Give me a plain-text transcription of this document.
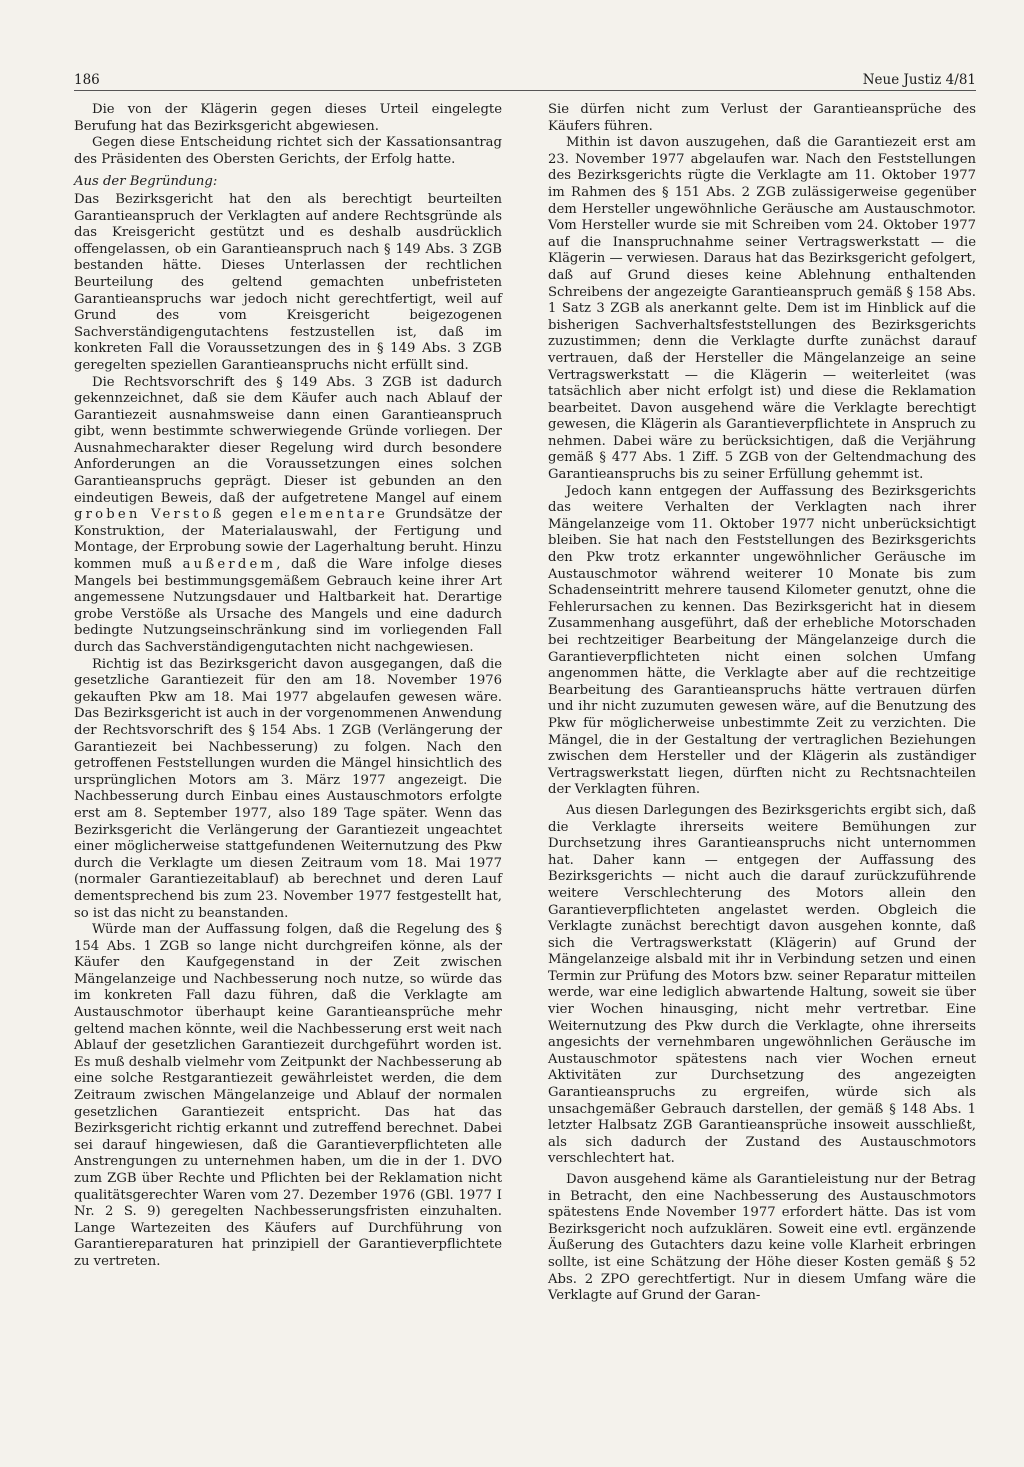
186	Neue Justiz 4/81

Die von der Klägerin gegen dieses Urteil eingelegte Berufung hat das Bezirksgericht abgewiesen.

Gegen diese Entscheidung richtet sich der Kassationsantrag des Präsidenten des Obersten Gerichts, der Erfolg hatte.

Aus der Begründung:

Das Bezirksgericht hat den als berechtigt beurteilten Garantieanspruch der Verklagten auf andere Rechtsgründe als das Kreisgericht gestützt und es deshalb ausdrücklich offengelassen, ob ein Garantieanspruch nach § 149 Abs. 3 ZGB bestanden hätte. Dieses Unterlassen der rechtlichen Beurteilung des geltend gemachten unbefristeten Garantieanspruchs war jedoch nicht gerechtfertigt, weil auf Grund des vom Kreisgericht beigezogenen Sachverständigengutachtens festzustellen ist, daß im konkreten Fall die Voraussetzungen des in § 149 Abs. 3 ZGB geregelten speziellen Garantieanspruchs nicht erfüllt sind.

Die Rechtsvorschrift des § 149 Abs. 3 ZGB ist dadurch gekennzeichnet, daß sie dem Käufer auch nach Ablauf der Garantiezeit ausnahmsweise dann einen Garantieanspruch gibt, wenn bestimmte schwerwiegende Gründe vorliegen. Der Ausnahmecharakter dieser Regelung wird durch besondere Anforderungen an die Voraussetzungen eines solchen Garantieanspruchs geprägt. Dieser ist gebunden an den eindeutigen Beweis, daß der aufgetretene Mangel auf einem groben Verstoß gegen elementare Grundsätze der Konstruktion, der Materialauswahl, der Fertigung und Montage, der Erprobung sowie der Lagerhaltung beruht. Hinzu kommen muß außerdem, daß die Ware infolge dieses Mangels bei bestimmungsgemäßem Gebrauch keine ihrer Art angemessene Nutzungsdauer und Haltbarkeit hat. Derartige grobe Verstöße als Ursache des Mangels und eine dadurch bedingte Nutzungseinschränkung sind im vorliegenden Fall durch das Sachverständigengutachten nicht nachgewiesen.

Richtig ist das Bezirksgericht davon ausgegangen, daß die gesetzliche Garantiezeit für den am 18. November 1976 gekauften Pkw am 18. Mai 1977 abgelaufen gewesen wäre. Das Bezirksgericht ist auch in der vorgenommenen Anwendung der Rechtsvorschrift des § 154 Abs. 1 ZGB (Verlängerung der Garantiezeit bei Nachbesserung) zu folgen. Nach den getroffenen Feststellungen wurden die Mängel hinsichtlich des ursprünglichen Motors am 3. März 1977 angezeigt. Die Nachbesserung durch Einbau eines Austauschmotors erfolgte erst am 8. September 1977, also 189 Tage später. Wenn das Bezirksgericht die Verlängerung der Garantiezeit ungeachtet einer möglicherweise stattgefundenen Weiternutzung des Pkw durch die Verklagte um diesen Zeitraum vom 18. Mai 1977 (normaler Garantiezeitablauf) ab berechnet und deren Lauf dementsprechend bis zum 23. November 1977 festgestellt hat, so ist das nicht zu beanstanden.

Würde man der Auffassung folgen, daß die Regelung des § 154 Abs. 1 ZGB so lange nicht durchgreifen könne, als der Käufer den Kaufgegenstand in der Zeit zwischen Mängelanzeige und Nachbesserung noch nutze, so würde das im konkreten Fall dazu führen, daß die Verklagte am Austauschmotor überhaupt keine Garantieansprüche mehr geltend machen könnte, weil die Nachbesserung erst weit nach Ablauf der gesetzlichen Garantiezeit durchgeführt worden ist. Es muß deshalb vielmehr vom Zeitpunkt der Nachbesserung ab eine solche Restgarantiezeit gewährleistet werden, die dem Zeitraum zwischen Mängelanzeige und Ablauf der normalen gesetzlichen Garantiezeit entspricht. Das hat das Bezirksgericht richtig erkannt und zutreffend berechnet. Dabei sei darauf hingewiesen, daß die Garantieverpflichteten alle Anstrengungen zu unternehmen haben, um die in der 1. DVO zum ZGB über Rechte und Pflichten bei der Reklamation nicht qualitätsgerechter Waren vom 27. Dezember 1976 (GBl. 1977 I Nr. 2 S. 9) geregelten Nachbesserungsfristen einzuhalten. Lange Wartezeiten des Käufers auf Durchführung von Garantiereparaturen hat prinzipiell der Garantieverpflichtete zu vertreten.

Sie dürfen nicht zum Verlust der Garantieansprüche des Käufers führen.

Mithin ist davon auszugehen, daß die Garantiezeit erst am 23. November 1977 abgelaufen war. Nach den Feststellungen des Bezirksgerichts rügte die Verklagte am 11. Oktober 1977 im Rahmen des § 151 Abs. 2 ZGB zulässigerweise gegenüber dem Hersteller ungewöhnliche Geräusche am Austauschmotor. Vom Hersteller wurde sie mit Schreiben vom 24. Oktober 1977 auf die Inanspruchnahme seiner Vertragswerkstatt — die Klägerin — verwiesen. Daraus hat das Bezirksgericht gefolgert, daß auf Grund dieses keine Ablehnung enthaltenden Schreibens der angezeigte Garantieanspruch gemäß § 158 Abs. 1 Satz 3 ZGB als anerkannt gelte. Dem ist im Hinblick auf die bisherigen Sachverhaltsfeststellungen des Bezirksgerichts zuzustimmen; denn die Verklagte durfte zunächst darauf vertrauen, daß der Hersteller die Mängelanzeige an seine Vertragswerkstatt — die Klägerin — weiterleitet (was tatsächlich aber nicht erfolgt ist) und diese die Reklamation bearbeitet. Davon ausgehend wäre die Verklagte berechtigt gewesen, die Klägerin als Garantieverpflichtete in Anspruch zu nehmen. Dabei wäre zu berücksichtigen, daß die Verjährung gemäß § 477 Abs. 1 Ziff. 5 ZGB von der Geltendmachung des Garantieanspruchs bis zu seiner Erfüllung gehemmt ist.

Jedoch kann entgegen der Auffassung des Bezirksgerichts das weitere Verhalten der Verklagten nach ihrer Mängelanzeige vom 11. Oktober 1977 nicht unberücksichtigt bleiben. Sie hat nach den Feststellungen des Bezirksgerichts den Pkw trotz erkannter ungewöhnlicher Geräusche im Austauschmotor während weiterer 10 Monate bis zum Schadenseintritt mehrere tausend Kilometer genutzt, ohne die Fehlerursachen zu kennen. Das Bezirksgericht hat in diesem Zusammenhang ausgeführt, daß der erhebliche Motorschaden bei rechtzeitiger Bearbeitung der Mängelanzeige durch die Garantieverpflichteten nicht einen solchen Umfang angenommen hätte, die Verklagte aber auf die rechtzeitige Bearbeitung des Garantieanspruchs hätte vertrauen dürfen und ihr nicht zuzumuten gewesen wäre, auf die Benutzung des Pkw für möglicherweise unbestimmte Zeit zu verzichten. Die Mängel, die in der Gestaltung der vertraglichen Beziehungen zwischen dem Hersteller und der Klägerin als zuständiger Vertragswerkstatt liegen, dürften nicht zu Rechtsnachteilen der Verklagten führen.

Aus diesen Darlegungen des Bezirksgerichts ergibt sich, daß die Verklagte ihrerseits weitere Bemühungen zur Durchsetzung ihres Garantieanspruchs nicht unternommen hat. Daher kann — entgegen der Auffassung des Bezirksgerichts — nicht auch die darauf zurückzuführende weitere Verschlechterung des Motors allein den Garantieverpflichteten angelastet werden. Obgleich die Verklagte zunächst berechtigt davon ausgehen konnte, daß sich die Vertragswerkstatt (Klägerin) auf Grund der Mängelanzeige alsbald mit ihr in Verbindung setzen und einen Termin zur Prüfung des Motors bzw. seiner Reparatur mitteilen werde, war eine lediglich abwartende Haltung, soweit sie über vier Wochen hinausging, nicht mehr vertretbar. Eine Weiternutzung des Pkw durch die Verklagte, ohne ihrerseits angesichts der vernehmbaren ungewöhnlichen Geräusche im Austauschmotor spätestens nach vier Wochen erneut Aktivitäten zur Durchsetzung des angezeigten Garantieanspruchs zu ergreifen, würde sich als unsachgemäßer Gebrauch darstellen, der gemäß § 148 Abs. 1 letzter Halbsatz ZGB Garantieansprüche insoweit ausschließt, als sich dadurch der Zustand des Austauschmotors verschlechtert hat.

Davon ausgehend käme als Garantieleistung nur der Betrag in Betracht, den eine Nachbesserung des Austauschmotors spätestens Ende November 1977 erfordert hätte. Das ist vom Bezirksgericht noch aufzuklären. Soweit eine evtl. ergänzende Äußerung des Gutachters dazu keine volle Klarheit erbringen sollte, ist eine Schätzung der Höhe dieser Kosten gemäß § 52 Abs. 2 ZPO gerechtfertigt. Nur in diesem Umfang wäre die Verklagte auf Grund der Garan-
